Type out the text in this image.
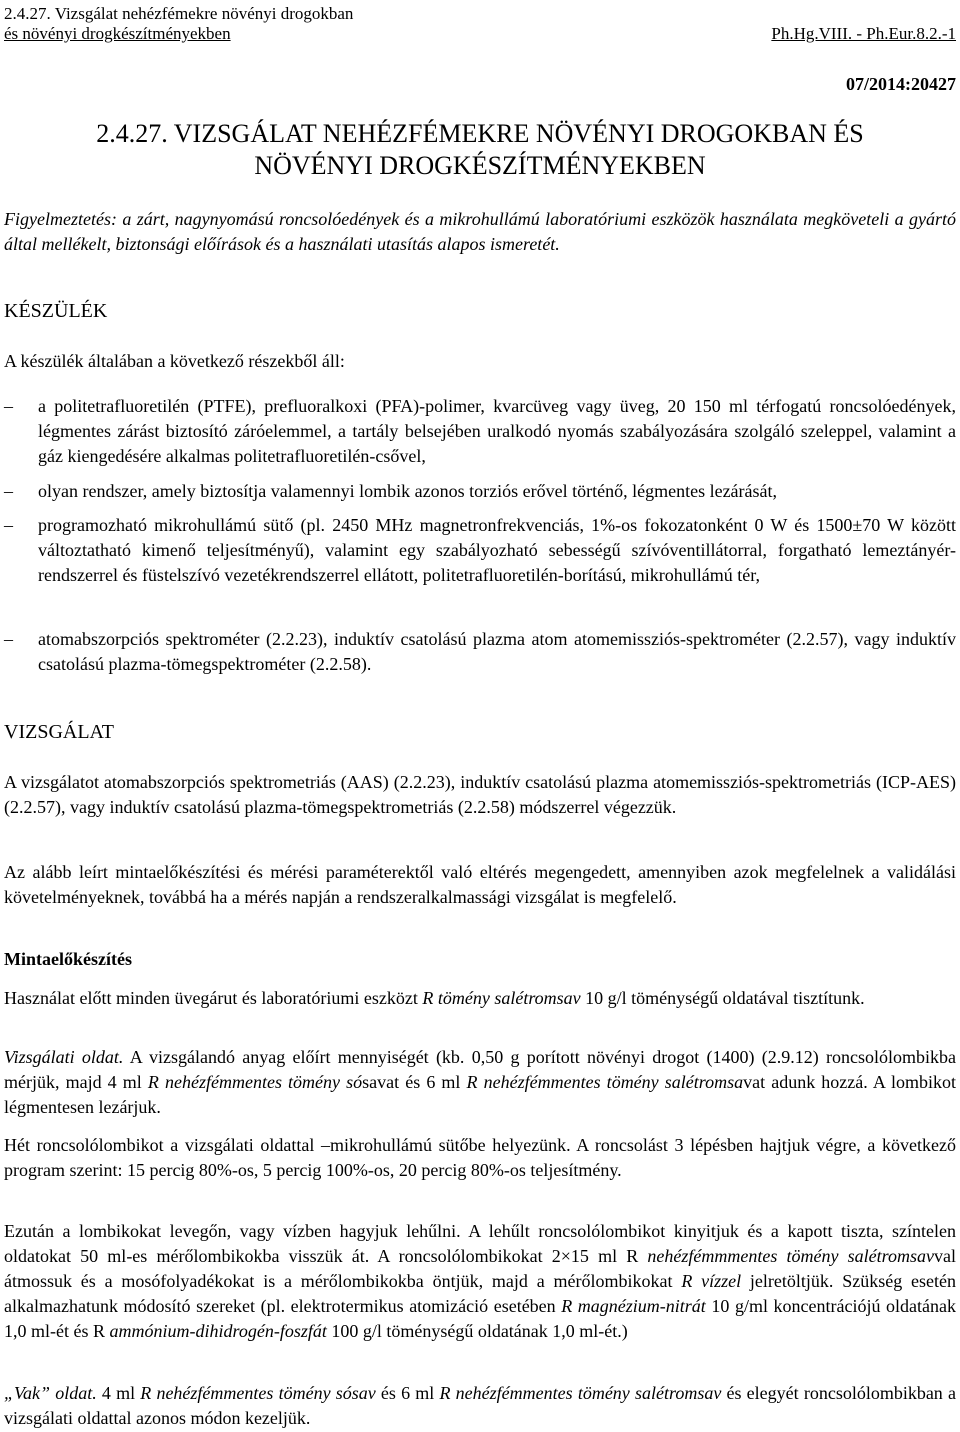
2.4.27. Vizsgálat nehézfémekre növényi drogokban
és növényi drogkészítményekben	Ph.Hg.VIII. - Ph.Eur.8.2.-1
07/2014:20427
2.4.27. VIZSGÁLAT NEHÉZFÉMEKRE NÖVÉNYI DROGOKBAN ÉS
NÖVÉNYI DROGKÉSZÍTMÉNYEKBEN
Figyelmeztetés: a zárt, nagynyomású roncsolóedények és a mikrohullámú laboratóriumi eszközök használata megköveteli a gyártó által mellékelt, biztonsági előírások és a használati utasítás alapos ismeretét.
KÉSZÜLÉK
A készülék általában a következő részekből áll:
–	a politetrafluoretilén (PTFE), prefluoralkoxi (PFA)-polimer, kvarcüveg vagy üveg, 20 150 ml térfogatú roncsolóedények, légmentes zárást biztosító záróelemmel, a tartály belsejében uralkodó nyomás szabályozására szolgáló szeleppel, valamint a gáz kiengedésére alkalmas politetrafluoretilén-csővel,
–	olyan rendszer, amely biztosítja valamennyi lombik azonos torziós erővel történő, légmentes lezárását,
–	programozható mikrohullámú sütő (pl. 2450 MHz magnetronfrekvenciás, 1%-os fokozatonként 0 W és 1500±70 W között változtatható kimenő teljesítményű), valamint egy szabályozható sebességű szívóventillátorral, forgatható lemeztányér-rendszerrel és füstelszívó vezetékrendszerrel ellátott, politetrafluoretilén-borítású, mikrohullámú tér,
–	atomabszorpciós spektrométer (2.2.23), induktív csatolású plazma atom atomemissziós-spektrométer (2.2.57), vagy induktív csatolású plazma-tömegspektrométer (2.2.58).
VIZSGÁLAT
A vizsgálatot atomabszorpciós spektrometriás (AAS) (2.2.23), induktív csatolású plazma atomemissziós-spektrometriás (ICP-AES) (2.2.57), vagy induktív csatolású plazma-tömegspektrometriás (2.2.58) módszerrel végezzük.
Az alább leírt mintaelőkészítési és mérési paraméterektől való eltérés megengedett, amennyiben azok megfelelnek a validálási követelményeknek, továbbá ha a mérés napján a rendszeralkalmassági vizsgálat is megfelelő.
Mintaelőkészítés
Használat előtt minden üvegárut és laboratóriumi eszközt R tömény salétromsav 10 g/l töménységű oldatával tisztítunk.
Vizsgálati oldat. A vizsgálandó anyag előírt mennyiségét (kb. 0,50 g porított növényi drogot (1400) (2.9.12) roncsolólombikba mérjük, majd 4 ml R nehézfémmentes tömény sósavat és 6 ml R nehézfémmentes tömény salétromsavat adunk hozzá. A lombikot légmentesen lezárjuk.
Hét roncsolólombikot a vizsgálati oldattal –mikrohullámú sütőbe helyezünk. A roncsolást 3 lépésben hajtjuk végre, a következő program szerint: 15 percig 80%-os, 5 percig 100%-os, 20 percig 80%-os teljesítmény.
Ezután a lombikokat levegőn, vagy vízben hagyjuk lehűlni. A lehűlt roncsolólombikot kinyitjuk és a kapott tiszta, színtelen oldatokat 50 ml-es mérőlombikokba visszük át. A roncsolólombikokat 2×15 ml R nehézfémmmentes tömény salétromsavval átmossuk és a mosófolyadékokat is a mérőlombikokba öntjük, majd a mérőlombikokat R vízzel jelretöltjük. Szükség esetén alkalmazhatunk módosító szereket (pl. elektrotermikus atomizáció esetében R magnézium-nitrát 10 g/ml koncentrációjú oldatának 1,0 ml-ét és R ammónium-dihidrogén-foszfát 100 g/l töménységű oldatának 1,0 ml-ét.)
„Vak” oldat. 4 ml R nehézfémmentes tömény sósav és 6 ml R nehézfémmentes tömény salétromsav és elegyét roncsolólombikban a vizsgálati oldattal azonos módon kezeljük.
